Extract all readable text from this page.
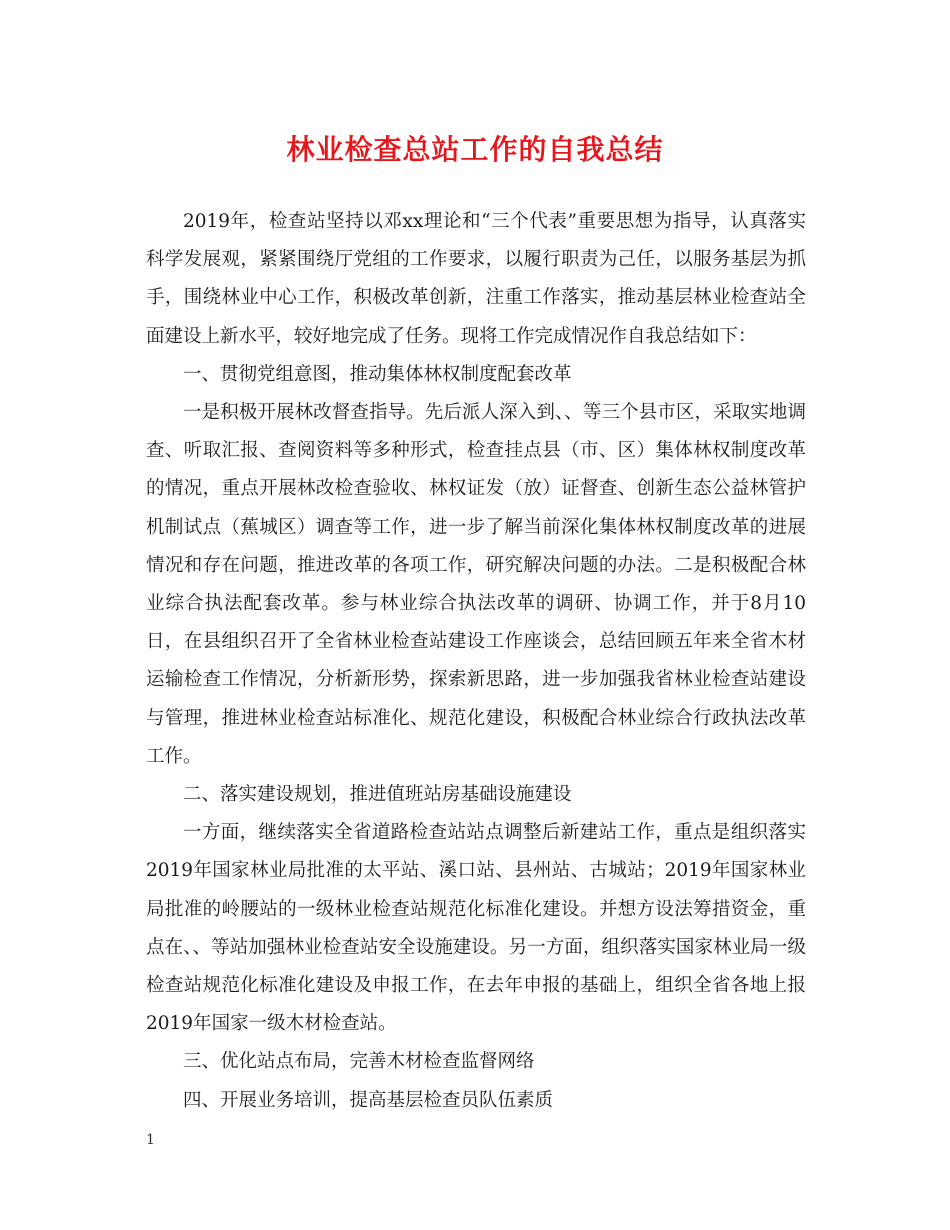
林业检查总站工作的自我总结

2019年，检查站坚持以邓xx理论和“三个代表”重要思想为指导，认真落实科学发展观，紧紧围绕厅党组的工作要求，以履行职责为己任，以服务基层为抓手，围绕林业中心工作，积极改革创新，注重工作落实，推动基层林业检查站全面建设上新水平，较好地完成了任务。现将工作完成情况作自我总结如下：

一、贯彻党组意图，推动集体林权制度配套改革

一是积极开展林改督查指导。先后派人深入到、、等三个县市区，采取实地调查、听取汇报、查阅资料等多种形式，检查挂点县（市、区）集体林权制度改革的情况，重点开展林改检查验收、林权证发（放）证督查、创新生态公益林管护机制试点（蕉城区）调查等工作，进一步了解当前深化集体林权制度改革的进展情况和存在问题，推进改革的各项工作，研究解决问题的办法。二是积极配合林业综合执法配套改革。参与林业综合执法改革的调研、协调工作，并于8月10日，在县组织召开了全省林业检查站建设工作座谈会，总结回顾五年来全省木材运输检查工作情况，分析新形势，探索新思路，进一步加强我省林业检查站建设与管理，推进林业检查站标准化、规范化建设，积极配合林业综合行政执法改革工作。

二、落实建设规划，推进值班站房基础设施建设

一方面，继续落实全省道路检查站站点调整后新建站工作，重点是组织落实2019年国家林业局批准的太平站、溪口站、县州站、古城站；2019年国家林业局批准的岭腰站的一级林业检查站规范化标准化建设。并想方设法筹措资金，重点在、、等站加强林业检查站安全设施建设。另一方面，组织落实国家林业局一级检查站规范化标准化建设及申报工作，在去年申报的基础上，组织全省各地上报2019年国家一级木材检查站。

三、优化站点布局，完善木材检查监督网络

四、开展业务培训，提高基层检查员队伍素质

1
